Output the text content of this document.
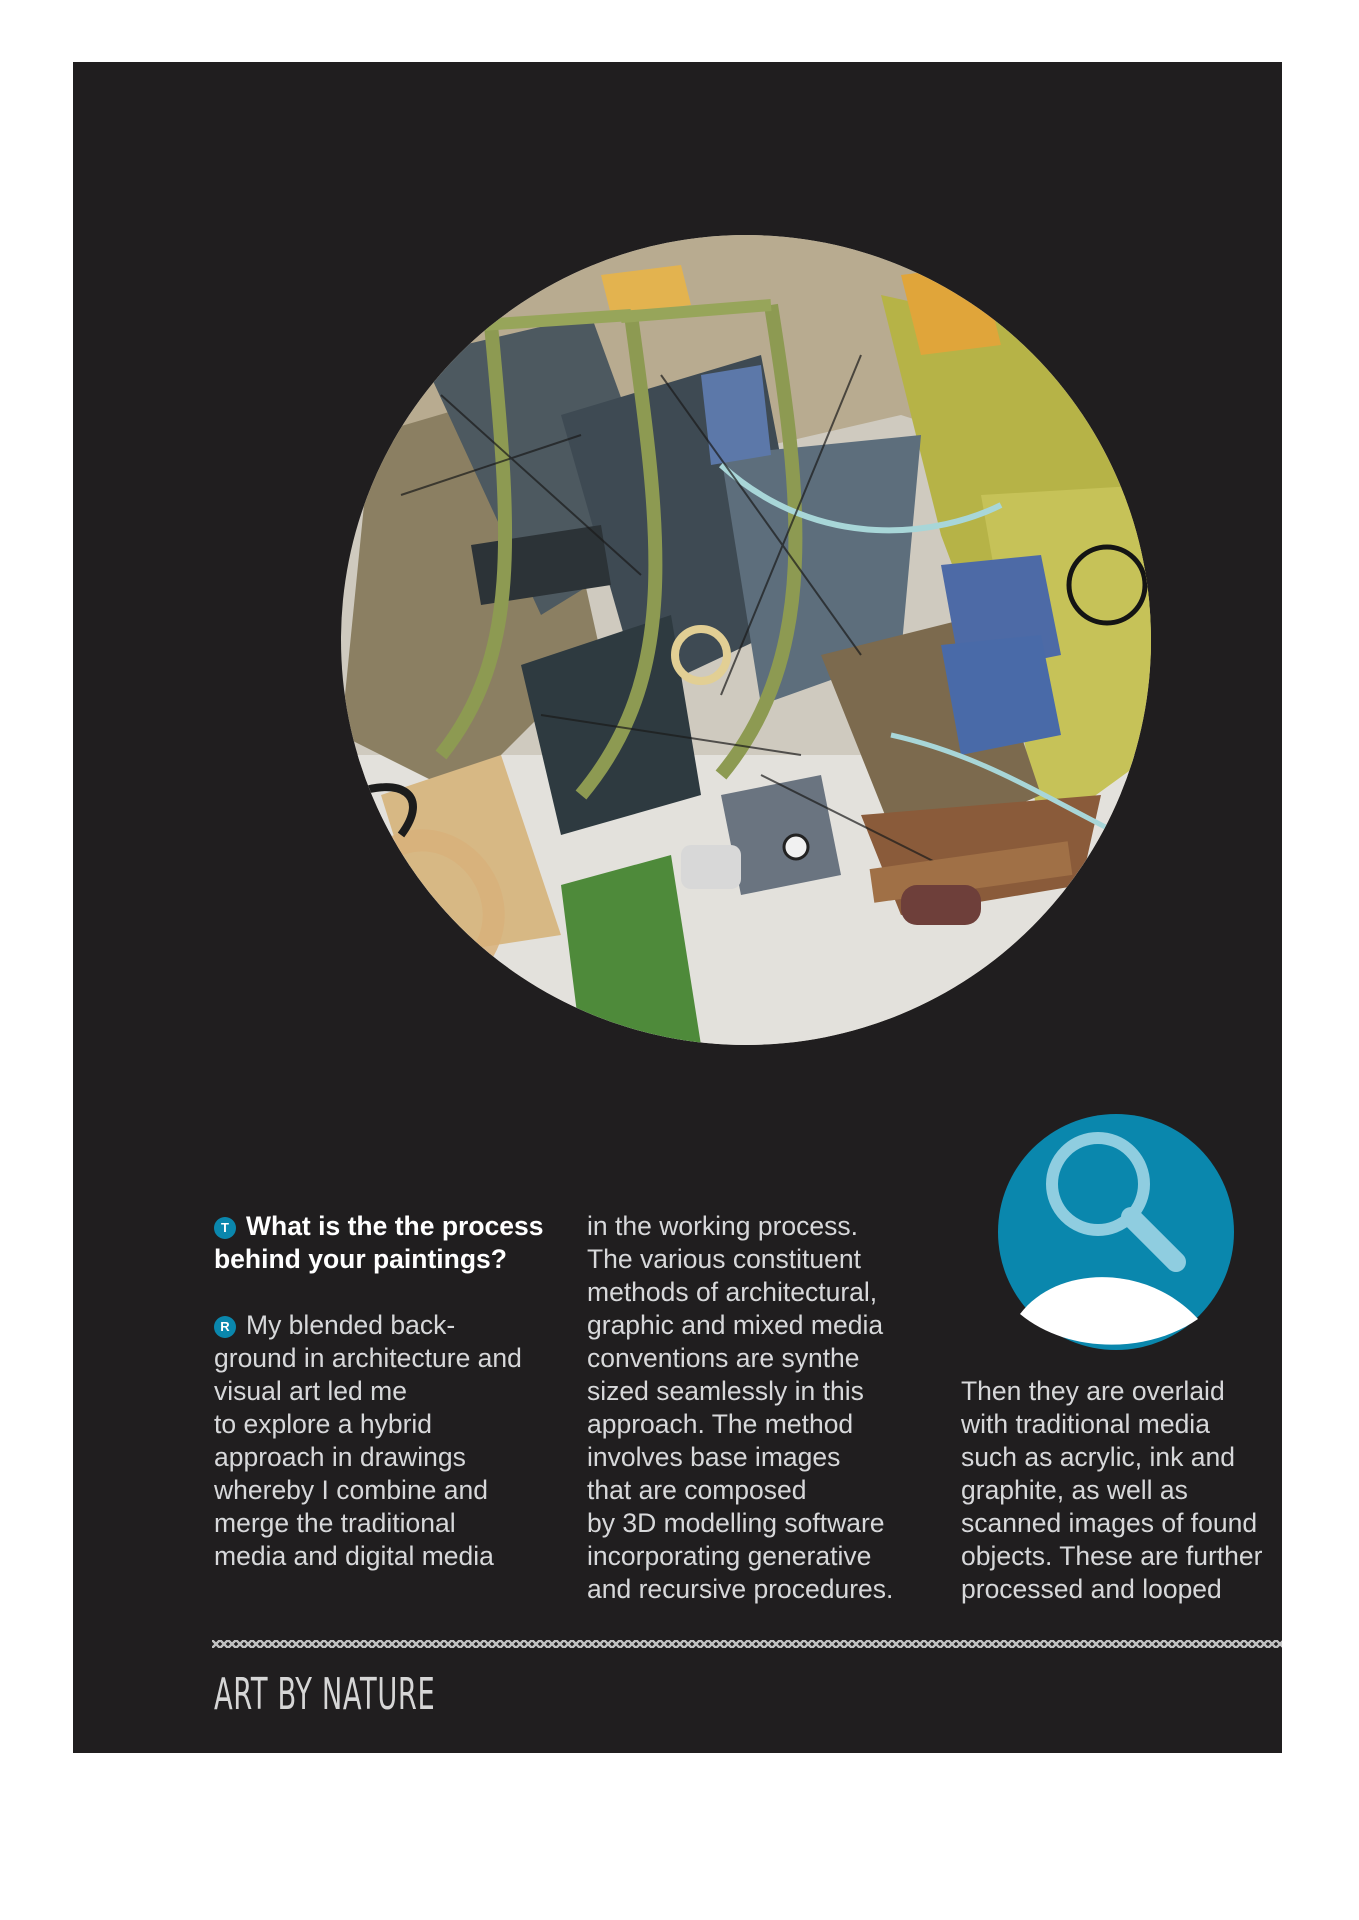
T What is the the process behind your paintings?

R My blended back-

ground in architecture and

visual art led me

to explore a hybrid

approach in drawings

whereby I combine and

merge the traditional

media and digital media

in the working process.

The various constituent

methods of architectural,

graphic and mixed media

conventions are synthe

sized seamlessly in this

approach. The method

involves base images

that are composed

by 3D modelling software

incorporating generative

and recursive procedures.

Then they are overlaid

with traditional media

such as acrylic, ink and

graphite, as well as

scanned images of found

objects. These are further

processed and looped

ART BY NATURE
